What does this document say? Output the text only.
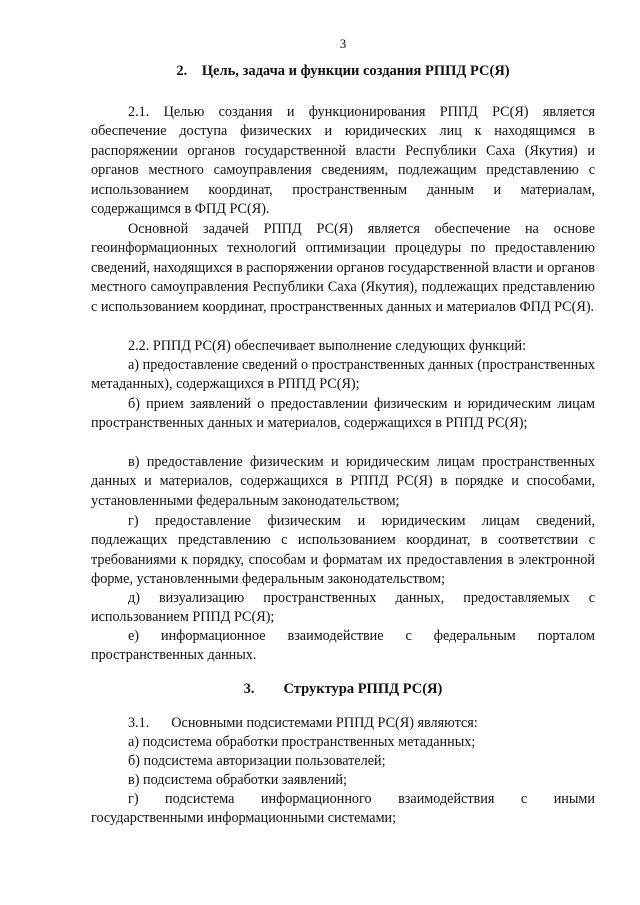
3
2. Цель, задача и функции создания РППД РС(Я)
2.1. Целью создания и функционирования РППД РС(Я) является обеспечение доступа физических и юридических лиц к находящимся в распоряжении органов государственной власти Республики Саха (Якутия) и органов местного самоуправления сведениям, подлежащим представлению с использованием координат, пространственным данным и материалам, содержащимся в ФПД РС(Я).
Основной задачей РППД РС(Я) является обеспечение на основе геоинформационных технологий оптимизации процедуры по предоставлению сведений, находящихся в распоряжении органов государственной власти и органов местного самоуправления Республики Саха (Якутия), подлежащих представлению с использованием координат, пространственных данных и материалов ФПД РС(Я).
2.2. РППД РС(Я) обеспечивает выполнение следующих функций:
а) предоставление сведений о пространственных данных (пространственных метаданных), содержащихся в РППД РС(Я);
б) прием заявлений о предоставлении физическим и юридическим лицам пространственных данных и материалов, содержащихся в РППД РС(Я);
в) предоставление физическим и юридическим лицам пространственных данных и материалов, содержащихся в РППД РС(Я) в порядке и способами, установленными федеральным законодательством;
г) предоставление физическим и юридическим лицам сведений, подлежащих представлению с использованием координат, в соответствии с требованиями к порядку, способам и форматам их предоставления в электронной форме, установленными федеральным законодательством;
д) визуализацию пространственных данных, предоставляемых с использованием РППД РС(Я);
е) информационное взаимодействие с федеральным порталом пространственных данных.
3.  Структура РППД РС(Я)
3.1. Основными подсистемами РППД РС(Я) являются:
а) подсистема обработки пространственных метаданных;
б) подсистема авторизации пользователей;
в) подсистема обработки заявлений;
г) подсистема информационного взаимодействия с иными государственными информационными системами;
